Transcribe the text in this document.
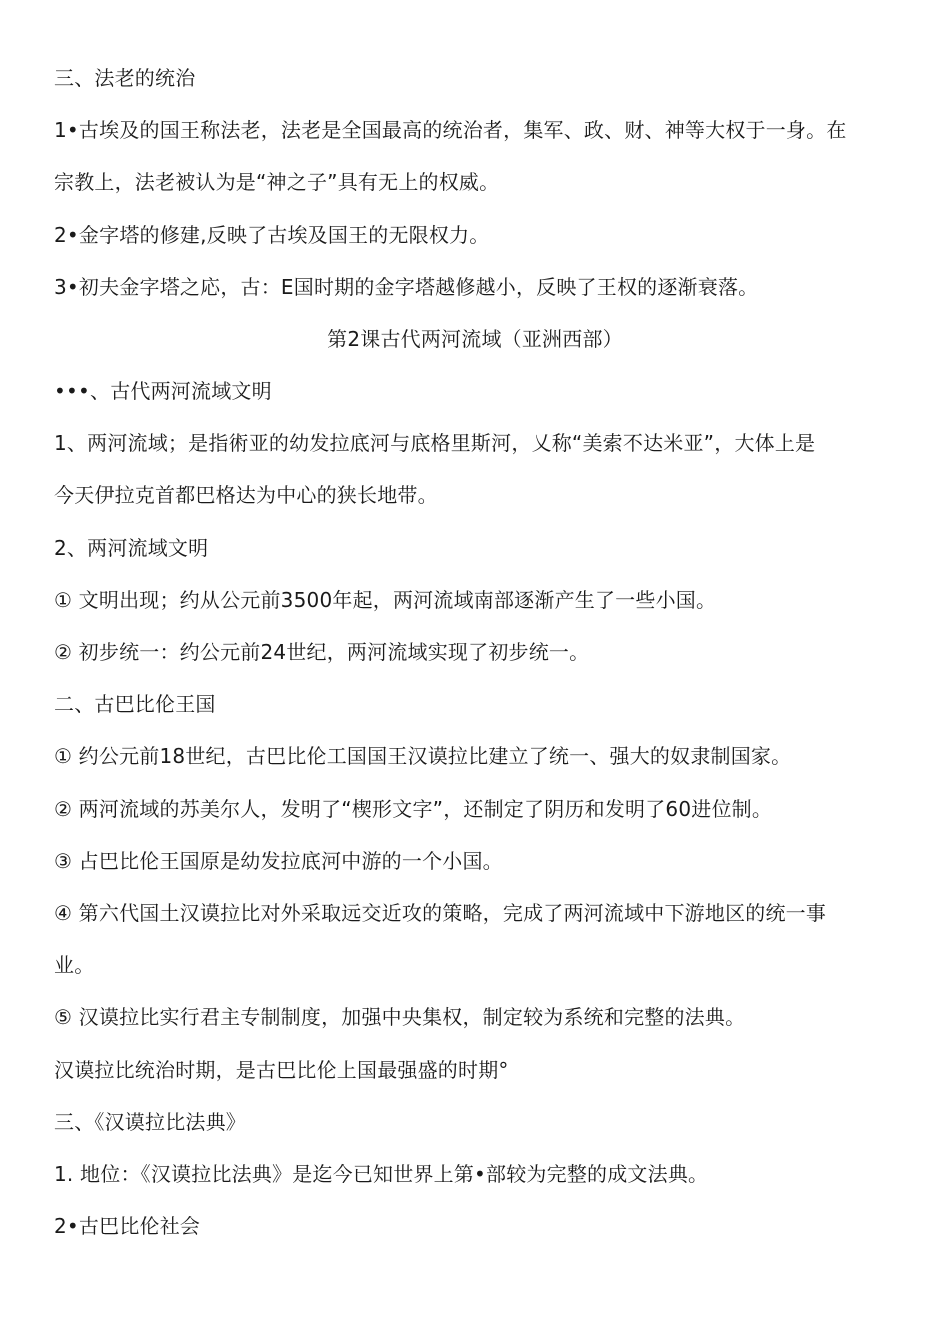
三、法老的统治
1•古埃及的国王称法老，法老是全国最高的统治者，集军、政、财、神等大权于一身。在
宗教上，法老被认为是“神之子”具有无上的权威。
2•金字塔的修建,反映了古埃及国王的无限权力。
3•初夫金字塔之応，古：E国时期的金字塔越修越小，反映了王权的逐渐衰落。
第2课古代两河流域（亚洲西部）
•••、古代两河流域文明
1、两河流域；是指術亚的幼发拉底河与底格里斯河，乂称“美索不达米亚”，大体上是
今天伊拉克首都巴格达为中心的狭长地带。
2、两河流域文明
① 文明出现；约从公元前3500年起，两河流域南部逐渐产生了一些小国。
② 初步统一：约公元前24世纪，两河流域实现了初步统一。
二、古巴比伦王国
① 约公元前18世纪，古巴比伦工国国王汉谟拉比建立了统一、强大的奴隶制国家。
② 两河流域的苏美尔人，发明了“楔形文字”，还制定了阴历和发明了60进位制。
③ 占巴比伦王国原是幼发拉底河中游的一个小国。
④ 第六代国土汉谟拉比对外采取远交近攻的策略，完成了两河流域中下游地区的统一事
业。
⑤ 汉谟拉比实行君主专制制度，加强中央集权，制定较为系统和完整的法典。
汉谟拉比统治时期，是古巴比伦上国最强盛的时期°
三、《汉谟拉比法典》
1. 地位：《汉谟拉比法典》是迄今已知世界上第•部较为完整的成文法典。
2•古巴比伦社会
